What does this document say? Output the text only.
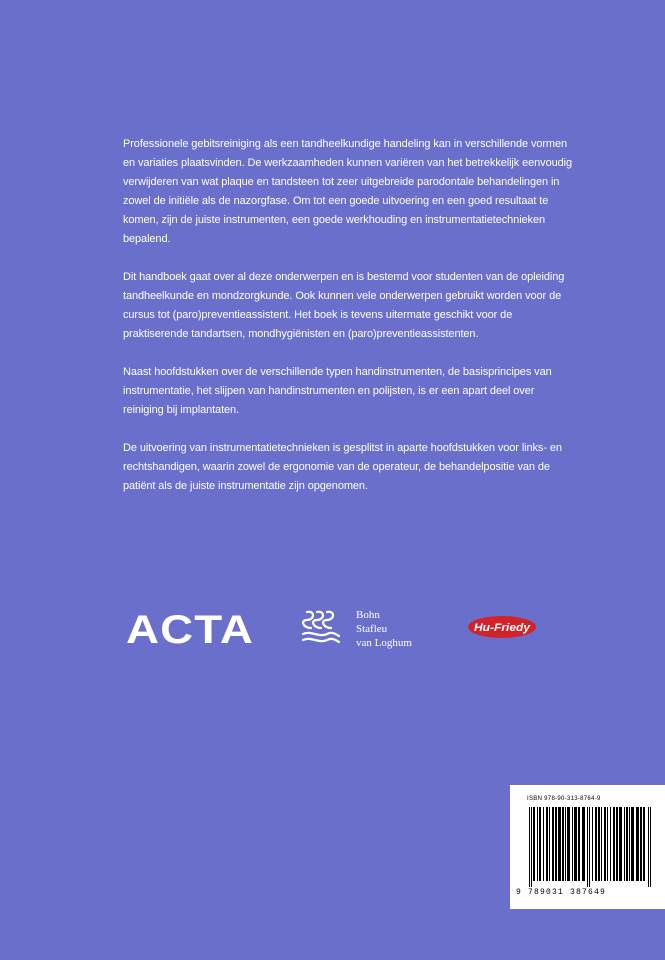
Professionele gebitsreiniging als een tandheelkundige handeling kan in verschillende vormen en variaties plaatsvinden. De werkzaamheden kunnen variëren van het betrekkelijk eenvoudig verwijderen van wat plaque en tandsteen tot zeer uitgebreide parodontale behandelingen in zowel de initiële als de nazorgfase. Om tot een goede uitvoering en een goed resultaat te komen, zijn de juiste instrumenten, een goede werkhouding en instrumentatietechnieken bepalend.

Dit handboek gaat over al deze onderwerpen en is bestemd voor studenten van de opleiding tandheelkunde en mondzorgkunde. Ook kunnen vele onderwerpen gebruikt worden voor de cursus tot (paro)preventieassistent. Het boek is tevens uitermate geschikt voor de praktiserende tandartsen, mondhygiënisten en (paro)preventieassistenten.

Naast hoofdstukken over de verschillende typen handinstrumenten, de basisprincipes van instrumentatie, het slijpen van handinstrumenten en polijsten, is er een apart deel over reiniging bij implantaten.

De uitvoering van instrumentatietechnieken is gesplitst in aparte hoofdstukken voor links- en rechtshandigen, waarin zowel de ergonomie van de operateur, de behandelpositie van de patiënt als de juiste instrumentatie zijn opgenomen.

ACTA	Bohn
Stafleu
van Loghum
Hu-Friedy
ISBN 978-90-313-8764-9
9 789031 387649
